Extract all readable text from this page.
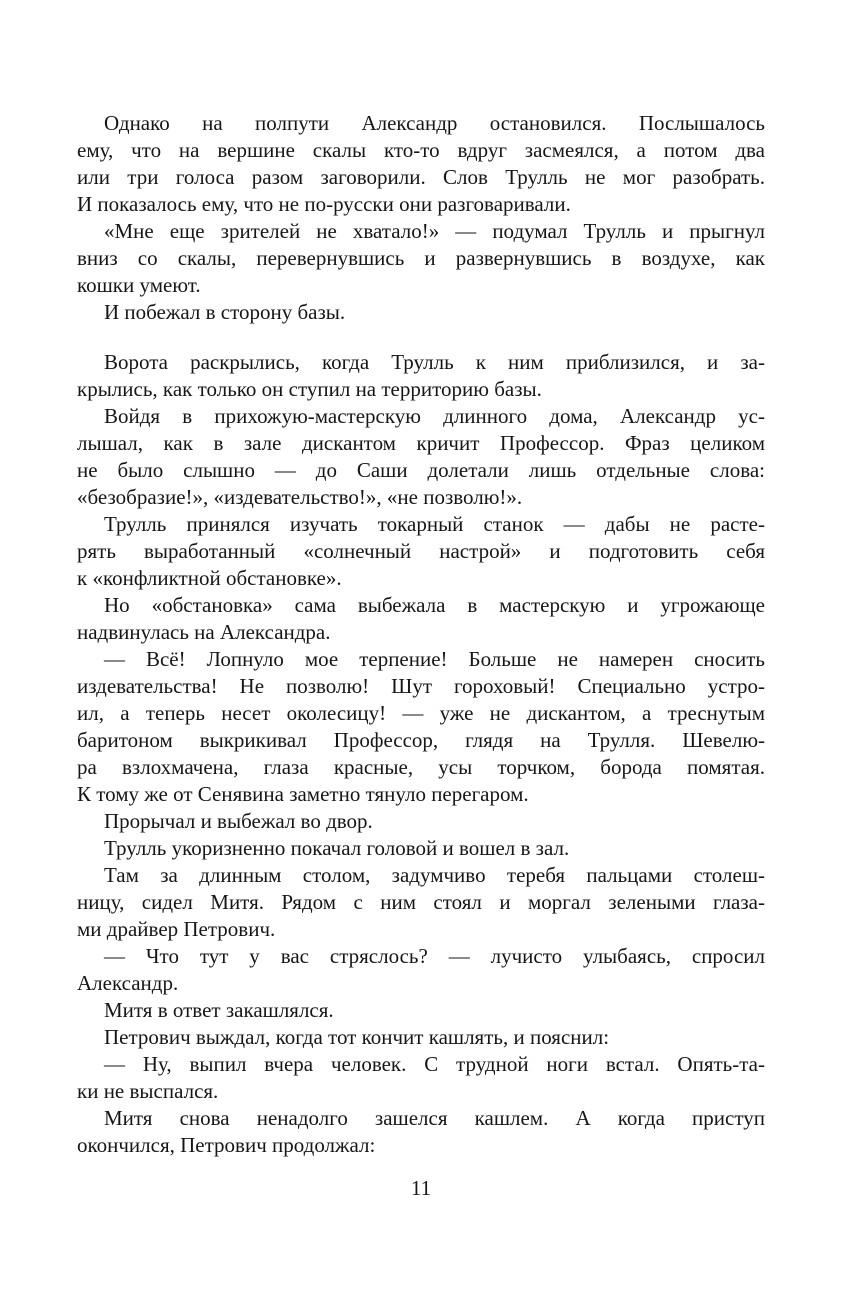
Однако на полпути Александр остановился. Послышалось
ему, что на вершине скалы кто-то вдруг засмеялся, а потом два
или три голоса разом заговорили. Слов Трулль не мог разобрать.
И показалось ему, что не по-русски они разговаривали.
«Мне еще зрителей не хватало!» — подумал Трулль и прыгнул
вниз со скалы, перевернувшись и развернувшись в воздухе, как
кошки умеют.
И побежал в сторону базы.
Ворота раскрылись, когда Трулль к ним приблизился, и за-
крылись, как только он ступил на территорию базы.
Войдя в прихожую-мастерскую длинного дома, Александр ус-
лышал, как в зале дискантом кричит Профессор. Фраз целиком
не было слышно — до Саши долетали лишь отдельные слова:
«безобразие!», «издевательство!», «не позволю!».
Трулль принялся изучать токарный станок — дабы не расте-
рять выработанный «солнечный настрой» и подготовить себя
к «конфликтной обстановке».
Но «обстановка» сама выбежала в мастерскую и угрожающе
надвинулась на Александра.
— Всё! Лопнуло мое терпение! Больше не намерен сносить
издевательства! Не позволю! Шут гороховый! Специально устро-
ил, а теперь несет околесицу! — уже не дискантом, а треснутым
баритоном выкрикивал Профессор, глядя на Трулля. Шевелю-
ра взлохмачена, глаза красные, усы торчком, борода помятая.
К тому же от Сенявина заметно тянуло перегаром.
Прорычал и выбежал во двор.
Трулль укоризненно покачал головой и вошел в зал.
Там за длинным столом, задумчиво теребя пальцами столеш-
ницу, сидел Митя. Рядом с ним стоял и моргал зелеными глаза-
ми драйвер Петрович.
— Что тут у вас стряслось? — лучисто улыбаясь, спросил
Александр.
Митя в ответ закашлялся.
Петрович выждал, когда тот кончит кашлять, и пояснил:
— Ну, выпил вчера человек. С трудной ноги встал. Опять-та-
ки не выспался.
Митя снова ненадолго зашелся кашлем. А когда приступ
окончился, Петрович продолжал:
11
